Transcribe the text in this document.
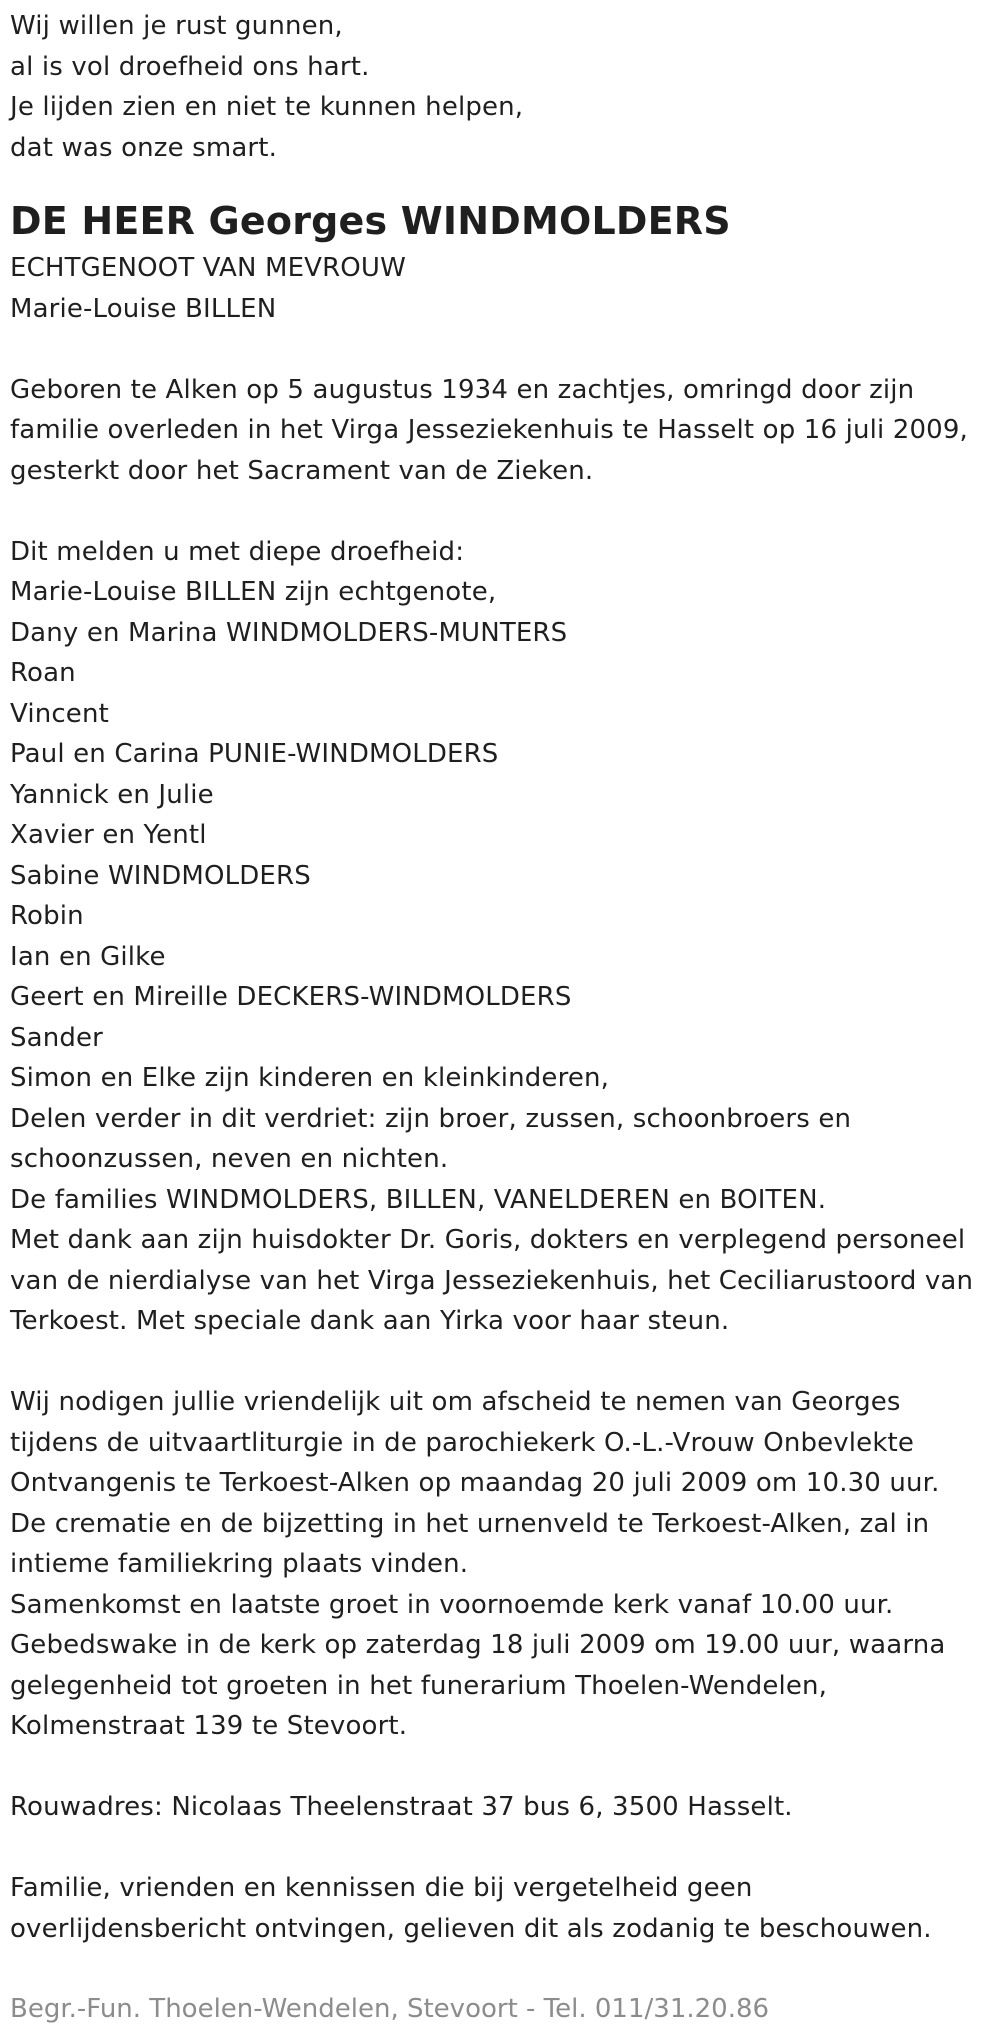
Wij willen je rust gunnen,
al is vol droefheid ons hart.
Je lijden zien en niet te kunnen helpen,
dat was onze smart.
DE HEER Georges WINDMOLDERS
ECHTGENOOT VAN MEVROUW
Marie-Louise BILLEN
Geboren te Alken op 5 augustus 1934 en zachtjes, omringd door zijn
familie overleden in het Virga Jesseziekenhuis te Hasselt op 16 juli 2009,
gesterkt door het Sacrament van de Zieken.
Dit melden u met diepe droefheid:
Marie-Louise BILLEN zijn echtgenote,
Dany en Marina WINDMOLDERS-MUNTERS
Roan
Vincent
Paul en Carina PUNIE-WINDMOLDERS
Yannick en Julie
Xavier en Yentl
Sabine WINDMOLDERS
Robin
Ian en Gilke
Geert en Mireille DECKERS-WINDMOLDERS
Sander
Simon en Elke zijn kinderen en kleinkinderen,
Delen verder in dit verdriet: zijn broer, zussen, schoonbroers en
schoonzussen, neven en nichten.
De families WINDMOLDERS, BILLEN, VANELDEREN en BOITEN.
Met dank aan zijn huisdokter Dr. Goris, dokters en verplegend personeel
van de nierdialyse van het Virga Jesseziekenhuis, het Ceciliarustoord van
Terkoest. Met speciale dank aan Yirka voor haar steun.
Wij nodigen jullie vriendelijk uit om afscheid te nemen van Georges
tijdens de uitvaartliturgie in de parochiekerk O.-L.-Vrouw Onbevlekte
Ontvangenis te Terkoest-Alken op maandag 20 juli 2009 om 10.30 uur.
De crematie en de bijzetting in het urnenveld te Terkoest-Alken, zal in
intieme familiekring plaats vinden.
Samenkomst en laatste groet in voornoemde kerk vanaf 10.00 uur.
Gebedswake in de kerk op zaterdag 18 juli 2009 om 19.00 uur, waarna
gelegenheid tot groeten in het funerarium Thoelen-Wendelen,
Kolmenstraat 139 te Stevoort.
Rouwadres: Nicolaas Theelenstraat 37 bus 6, 3500 Hasselt.
Familie, vrienden en kennissen die bij vergetelheid geen
overlijdensbericht ontvingen, gelieven dit als zodanig te beschouwen.
Begr.-Fun. Thoelen-Wendelen, Stevoort - Tel. 011/31.20.86
